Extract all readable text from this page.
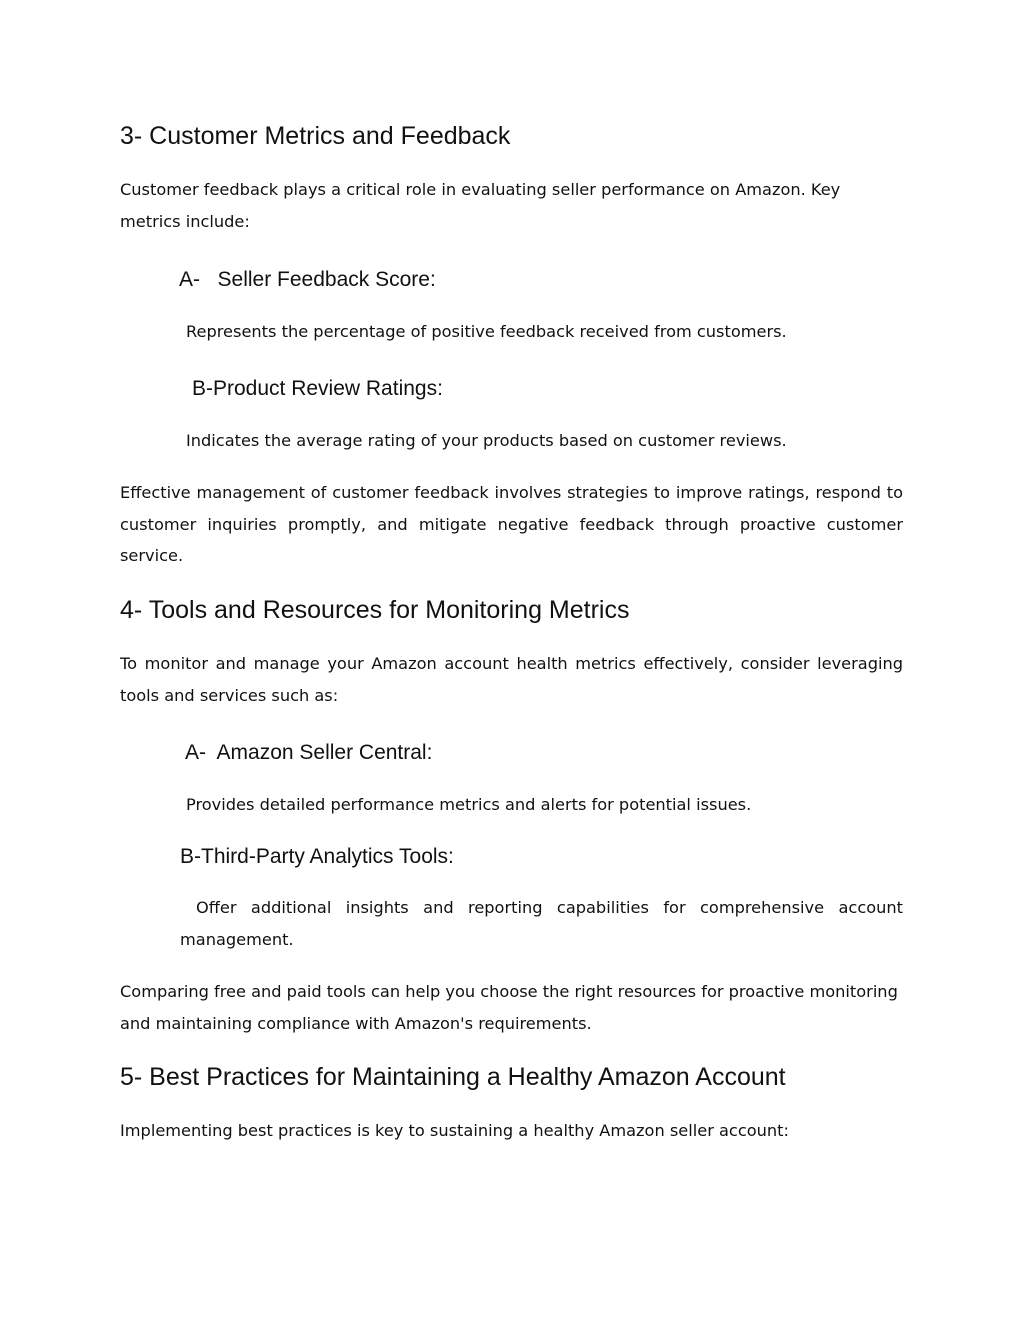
3- Customer Metrics and Feedback

Customer feedback plays a critical role in evaluating seller performance on Amazon. Key metrics include:

A-   Seller Feedback Score:

Represents the percentage of positive feedback received from customers.

B-Product Review Ratings:

Indicates the average rating of your products based on customer reviews.

Effective management of customer feedback involves strategies to improve ratings, respond to customer inquiries promptly, and mitigate negative feedback through proactive customer service.

4- Tools and Resources for Monitoring Metrics

To monitor and manage your Amazon account health metrics effectively, consider leveraging tools and services such as:

A-  Amazon Seller Central:

Provides detailed performance metrics and alerts for potential issues.

B-Third-Party Analytics Tools:

Offer additional insights and reporting capabilities for comprehensive account management.

Comparing free and paid tools can help you choose the right resources for proactive monitoring and maintaining compliance with Amazon's requirements.

5- Best Practices for Maintaining a Healthy Amazon Account

Implementing best practices is key to sustaining a healthy Amazon seller account:
